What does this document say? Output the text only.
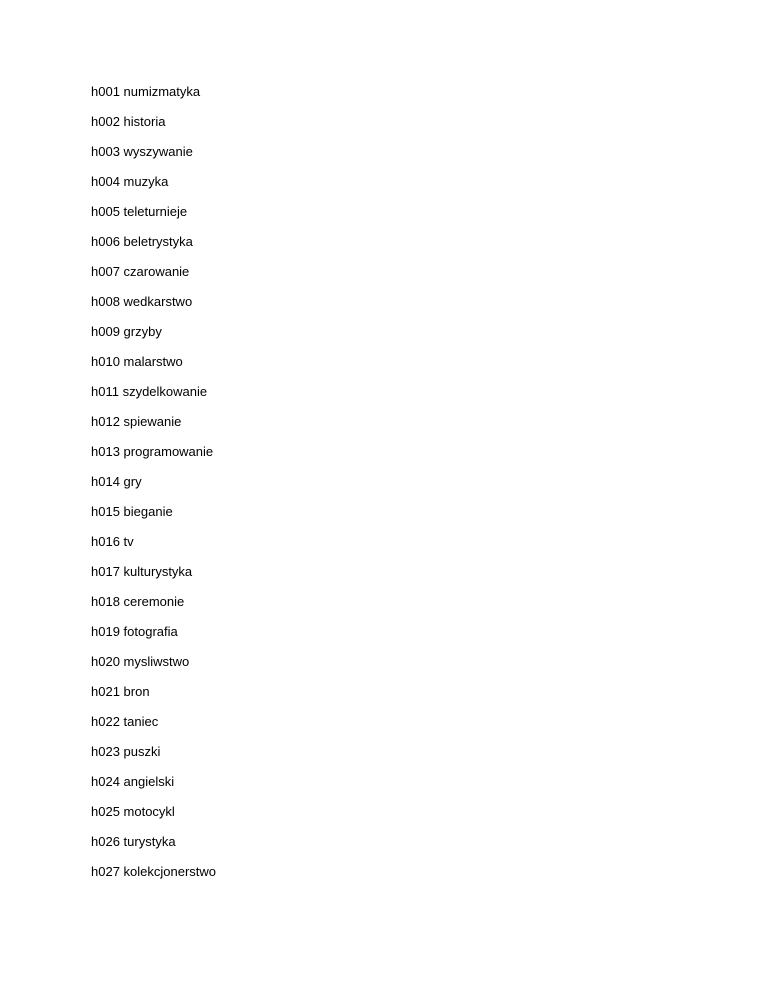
h001 numizmatyka
h002 historia
h003 wyszywanie
h004 muzyka
h005 teleturnieje
h006 beletrystyka
h007 czarowanie
h008 wedkarstwo
h009 grzyby
h010 malarstwo
h011 szydelkowanie
h012 spiewanie
h013 programowanie
h014 gry
h015 bieganie
h016 tv
h017 kulturystyka
h018 ceremonie
h019 fotografia
h020 mysliwstwo
h021 bron
h022 taniec
h023 puszki
h024 angielski
h025 motocykl
h026 turystyka
h027 kolekcjonerstwo
